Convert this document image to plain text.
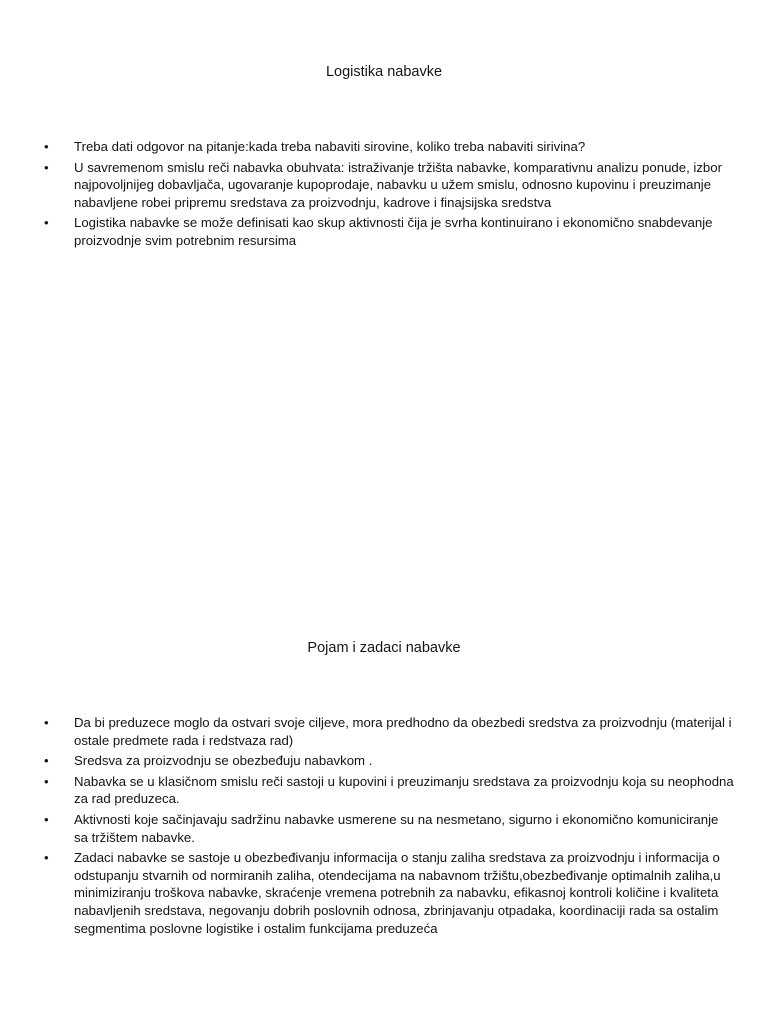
Logistika nabavke
•	Treba dati odgovor na pitanje:kada treba nabaviti sirovine, koliko treba nabaviti sirivina?
•	U savremenom smislu reči nabavka obuhvata: istraživanje tržišta nabavke, komparativnu analizu ponude, izbor najpovoljnijeg dobavljača, ugovaranje kupoprodaje, nabavku u užem smislu, odnosno kupovinu i preuzimanje nabavljene robei pripremu sredstava za proizvodnju, kadrove i finajsijska sredstva
•	Logistika nabavke se može definisati kao skup aktivnosti čija je svrha kontinuirano i ekonomično snabdevanje proizvodnje svim potrebnim resursima
Pojam i zadaci nabavke
•	Da bi preduzece moglo da ostvari svoje ciljeve, mora predhodno da obezbedi sredstva za proizvodnju (materijal i ostale predmete rada i redstvaza rad)
•	Sredsva za proizvodnju se obezbeđuju nabavkom .
•	Nabavka se u klasičnom smislu reči sastoji u kupovini i preuzimanju sredstava za proizvodnju koja su neophodna za rad preduzeca.
•	Aktivnosti koje sačinjavaju sadržinu nabavke usmerene su na nesmetano, sigurno i ekonomično komuniciranje sa tržištem nabavke.
•	Zadaci nabavke se sastoje u obezbeđivanju informacija o stanju zaliha sredstava za proizvodnju i informacija o odstupanju stvarnih od normiranih zaliha, otendecijama na nabavnom tržištu,obezbeđivanje optimalnih zaliha,u minimiziranju troškova nabavke, skraćenje vremena potrebnih za nabavku, efikasnoj kontroli količine i kvaliteta nabavljenih sredstava, negovanju dobrih poslovnih odnosa, zbrinjavanju otpadaka, koordinaciji rada sa ostalim segmentima poslovne logistike i ostalim funkcijama preduzeća
